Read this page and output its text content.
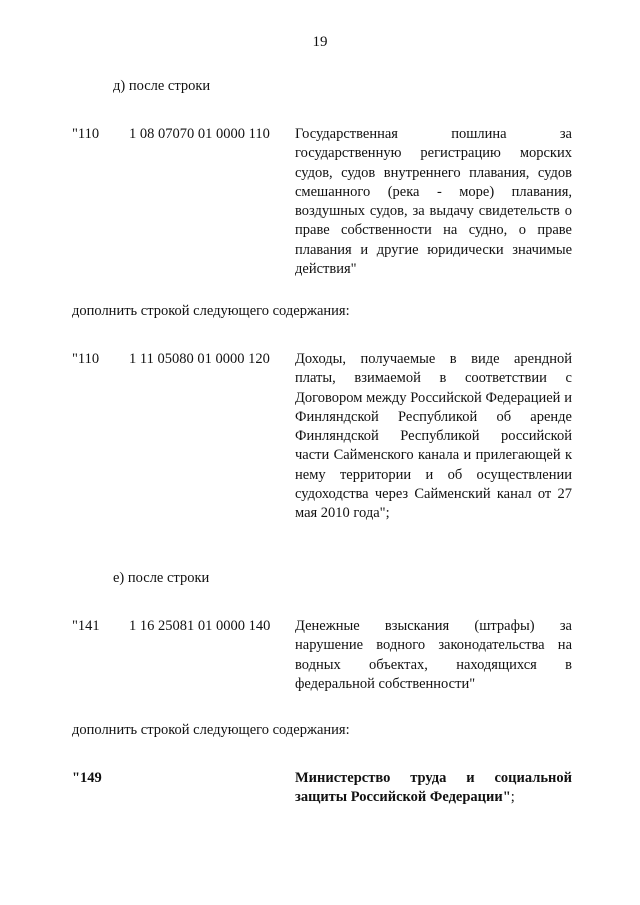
19
д) после строки
"110 1 08 07070 01 0000 110 Государственная пошлина за государственную регистрацию морских судов, судов внутреннего плавания, судов смешанного (река - море) плавания, воздушных судов, за выдачу свидетельств о праве собственности на судно, о праве плавания и другие юридически значимые действия"
дополнить строкой следующего содержания:
"110 1 11 05080 01 0000 120 Доходы, получаемые в виде арендной платы, взимаемой в соответствии с Договором между Российской Федерацией и Финляндской Республикой об аренде Финляндской Республикой российской части Сайменского канала и прилегающей к нему территории и об осуществлении судоходства через Сайменский канал от 27 мая 2010 года";
е) после строки
"141 1 16 25081 01 0000 140 Денежные взыскания (штрафы) за нарушение водного законодательства на водных объектах, находящихся в федеральной собственности"
дополнить строкой следующего содержания:
"149	Министерство труда и социальной защиты Российской Федерации";
